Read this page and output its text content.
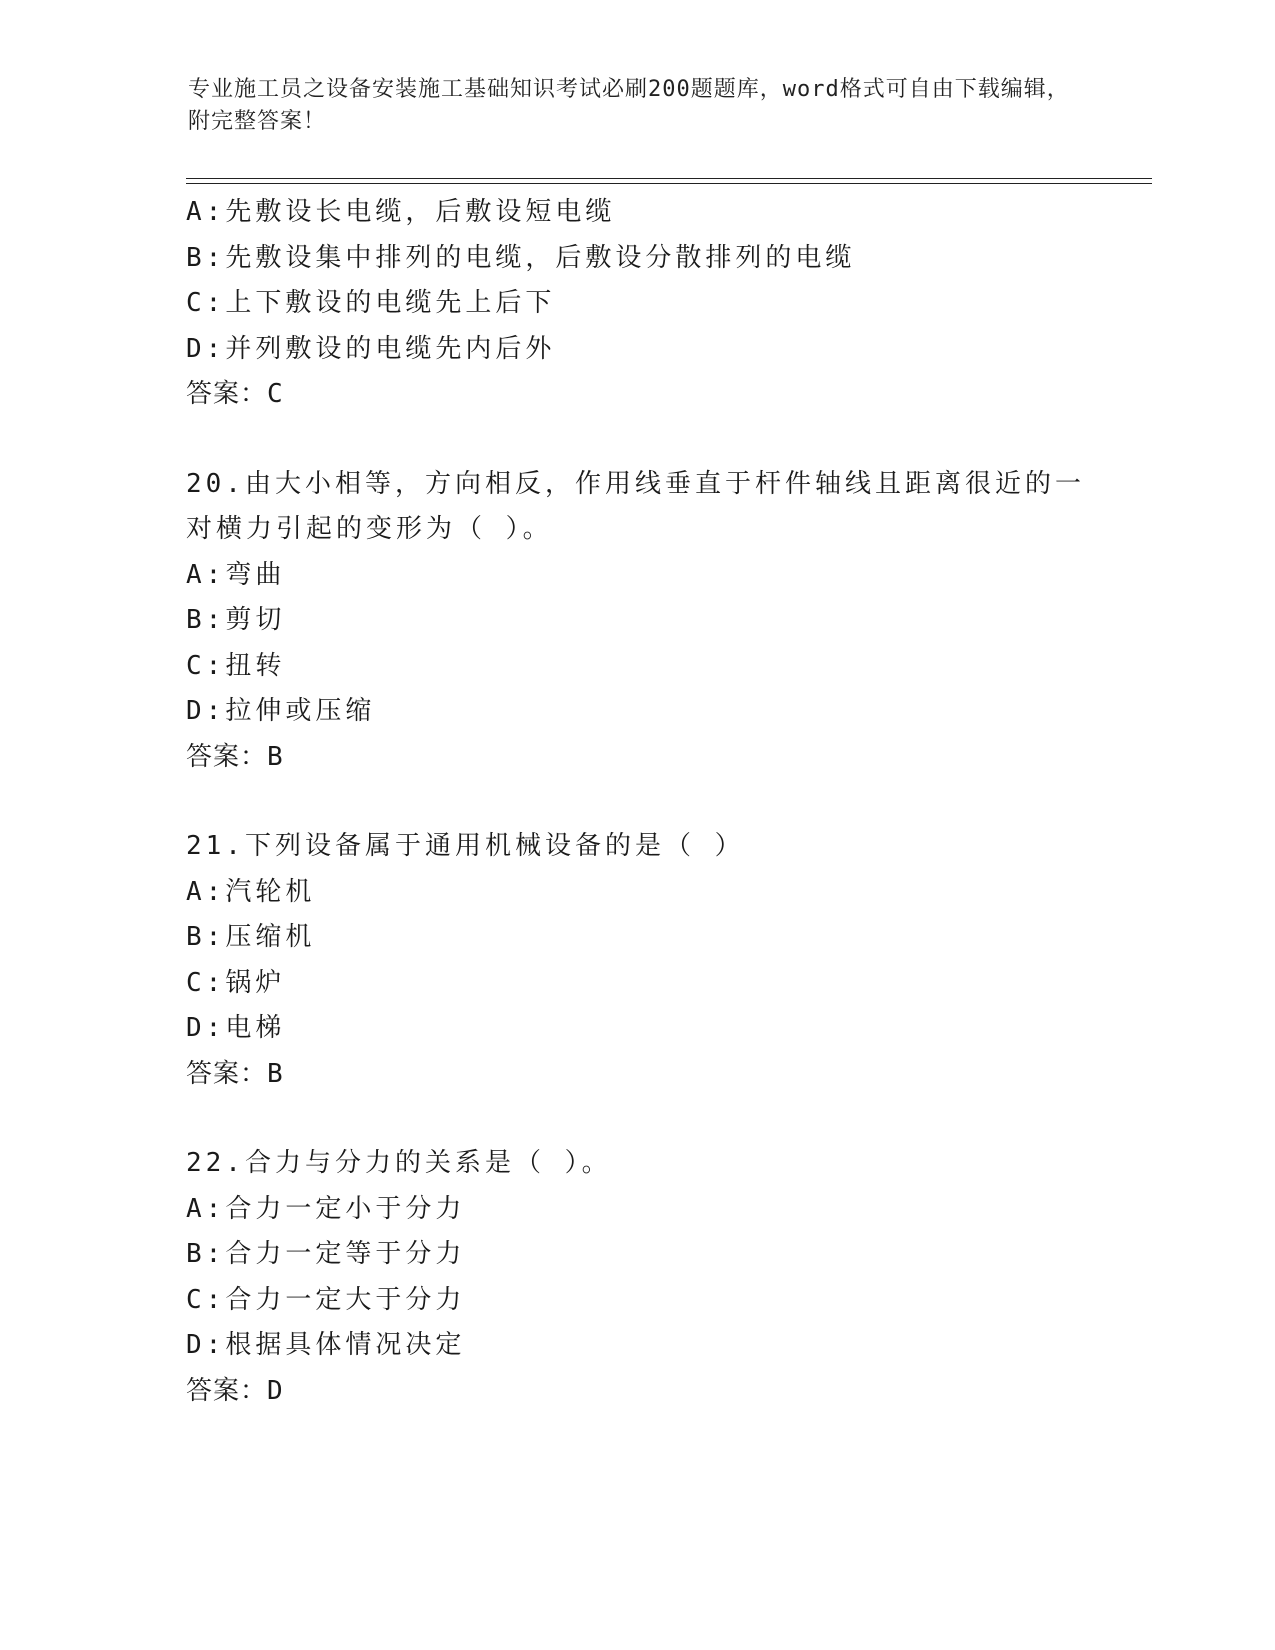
专业施工员之设备安装施工基础知识考试必刷200题题库，word格式可自由下载编辑，附完整答案！
A:先敷设长电缆，后敷设短电缆
B:先敷设集中排列的电缆，后敷设分散排列的电缆
C:上下敷设的电缆先上后下
D:并列敷设的电缆先内后外
答案：C
20.由大小相等，方向相反，作用线垂直于杆件轴线且距离很近的一对横力引起的变形为（ ）。
A:弯曲
B:剪切
C:扭转
D:拉伸或压缩
答案：B
21.下列设备属于通用机械设备的是（ ）
A:汽轮机
B:压缩机
C:锅炉
D:电梯
答案：B
22.合力与分力的关系是（ ）。
A:合力一定小于分力
B:合力一定等于分力
C:合力一定大于分力
D:根据具体情况决定
答案：D
